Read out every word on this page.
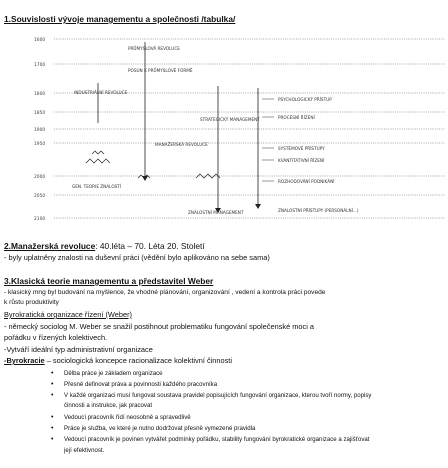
1.Souvislosti vývoje managementu a společnosti /tabulka/
1600
1700
1800
1850
1900
1950
2000
2050
2100
PRŮMYSLOVÁ REVOLUCE
POSUN K PRŮMYSLOVÉ FORMĚ
INDUSTRIÁLNÍ REVOLUCE
MANAŽERSKÁ REVOLUCE
GEN. TEORIE ZNALOSTÍ
STRATEGICKÝ MANAGEMENT
ZNALOSTNÍ MANAGEMENT
PSYCHOLOGICKÝ PŘÍSTUP
PROCESNÍ ŘÍZENÍ
SYSTÉMOVÉ PŘÍSTUPY
KVANTITATIVNÍ ŘÍZENÍ
ROZHODOVÁNÍ PODNIKÁNÍ
ZNALOSTNÍ PŘÍSTUPY (PERSONÁLNÍ...)
2.Manažerská revoluce: 40.léta – 70. Léta 20. Století
- byly uplatněny znalosti na duševní práci (vědění bylo aplikováno na sebe sama)
3.Klasická teorie managementu a představitel Weber
- klasický mng byl budování na myšlence, že vhodné plánování, organizování , vedení a kontrola práci povede
k růstu produktivity
Byrokratická organizace řízení (Weber)
- německý sociolog M. Weber se snažil postihnout problematiku fungování společenské moci a
pořádku v řízených kolektivech.
-Vytváří ideální typ administrativní organizace
-Byrokracie – sociologická koncepce racionalizace kolektivní činnosti
• Dělba práce je základem organizace
• Přesně definovat práva a povinnosti každého pracovníka
• V každé organizaci musí fungovat soustava pravidel popisujících fungování organizace, kterou tvoří normy, popisy
činnosti a instrukce, jak pracovat
• Vedoucí pracovník řídí neosobně a spravedlivě
• Práce je služba, ve které je nutno dodržovat přesně vymezené pravidla
• Vedoucí pracovník je povinen vytvářet podmínky pořádku, stability fungování byrokratické organizace a zajišťovat
její efektivnost.
